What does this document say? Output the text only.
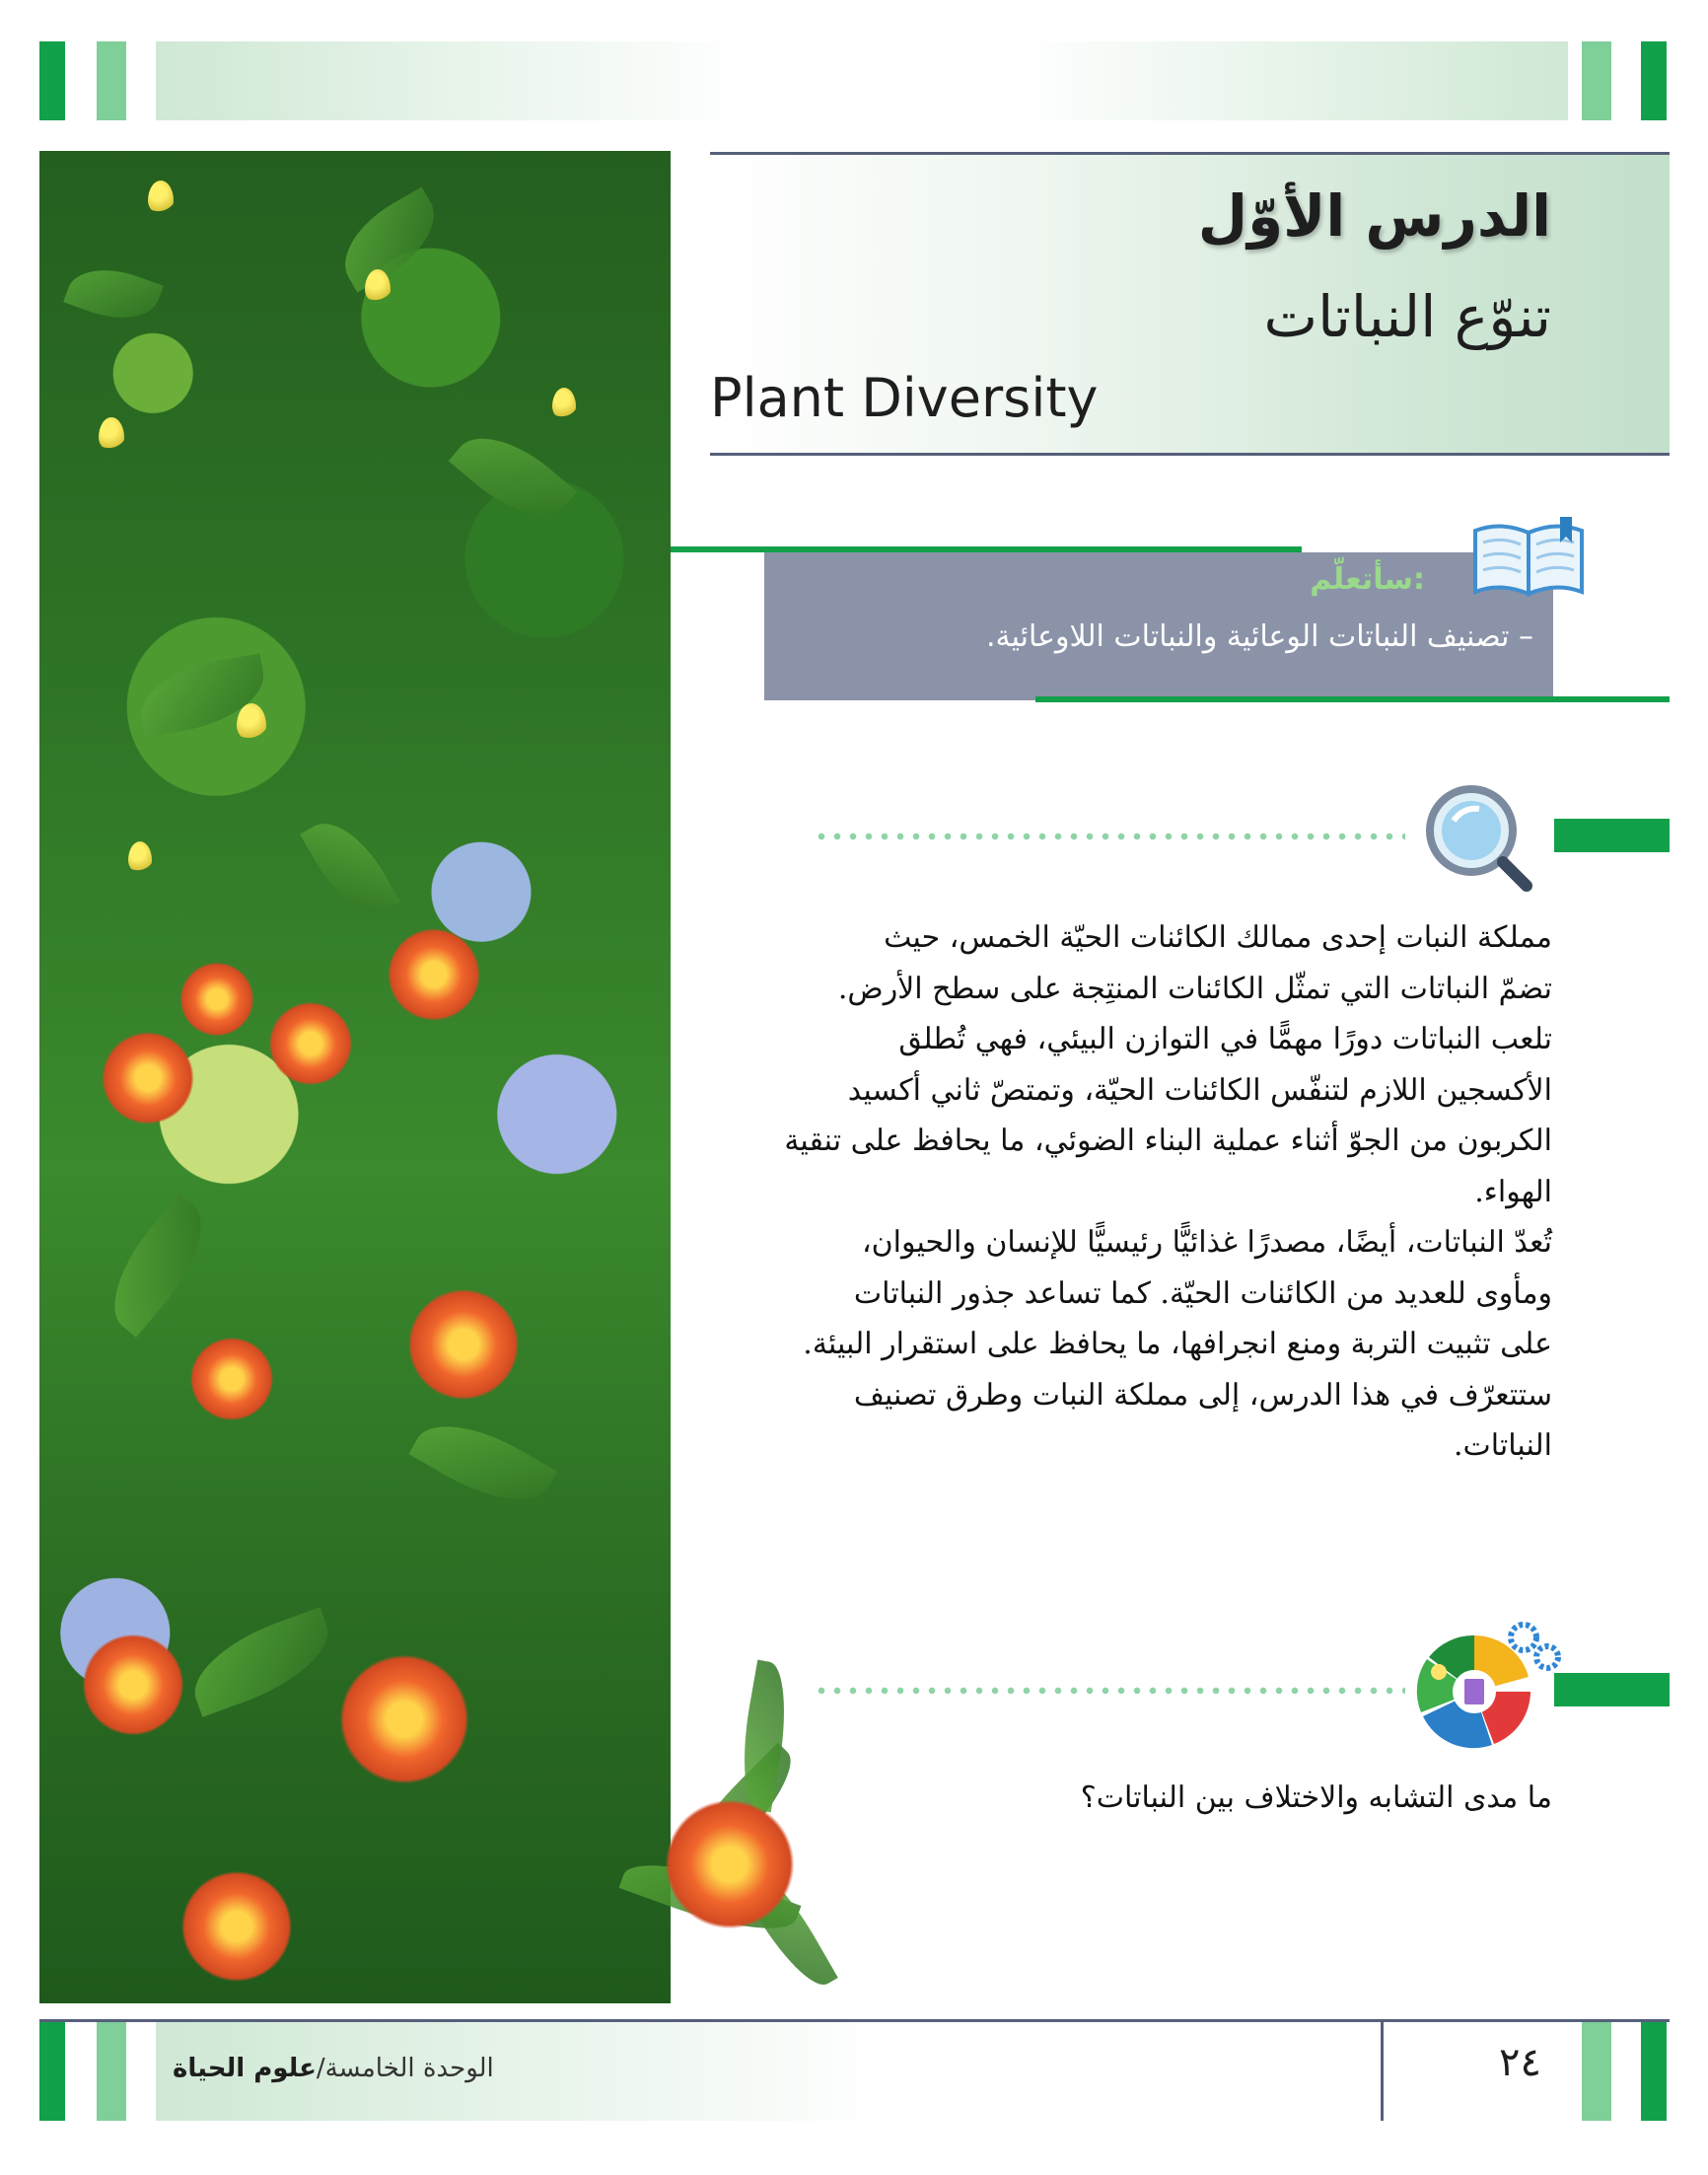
الدرس الأوّل
تنوّع النباتات
Plant Diversity
سأتعلّم:
– تصنيف النباتات الوعائية والنباتات اللاوعائية.
مملكة النبات إحدى ممالك الكائنات الحيّة الخمس، حيث
تضمّ النباتات التي تمثّل الكائنات المنتِجة على سطح الأرض.
تلعب النباتات دورًا مهمًّا في التوازن البيئي، فهي تُطلق
الأكسجين اللازم لتنفّس الكائنات الحيّة، وتمتصّ ثاني أكسيد
الكربون من الجوّ أثناء عملية البناء الضوئي، ما يحافظ على تنقية
الهواء.
تُعدّ النباتات، أيضًا، مصدرًا غذائيًّا رئيسيًّا للإنسان والحيوان،
ومأوى للعديد من الكائنات الحيّة. كما تساعد جذور النباتات
على تثبيت التربة ومنع انجرافها، ما يحافظ على استقرار البيئة.
ستتعرّف في هذا الدرس، إلى مملكة النبات وطرق تصنيف
النباتات.
ما مدى التشابه والاختلاف بين النباتات؟
الوحدة الخامسة/علوم الحياة	٢٤
